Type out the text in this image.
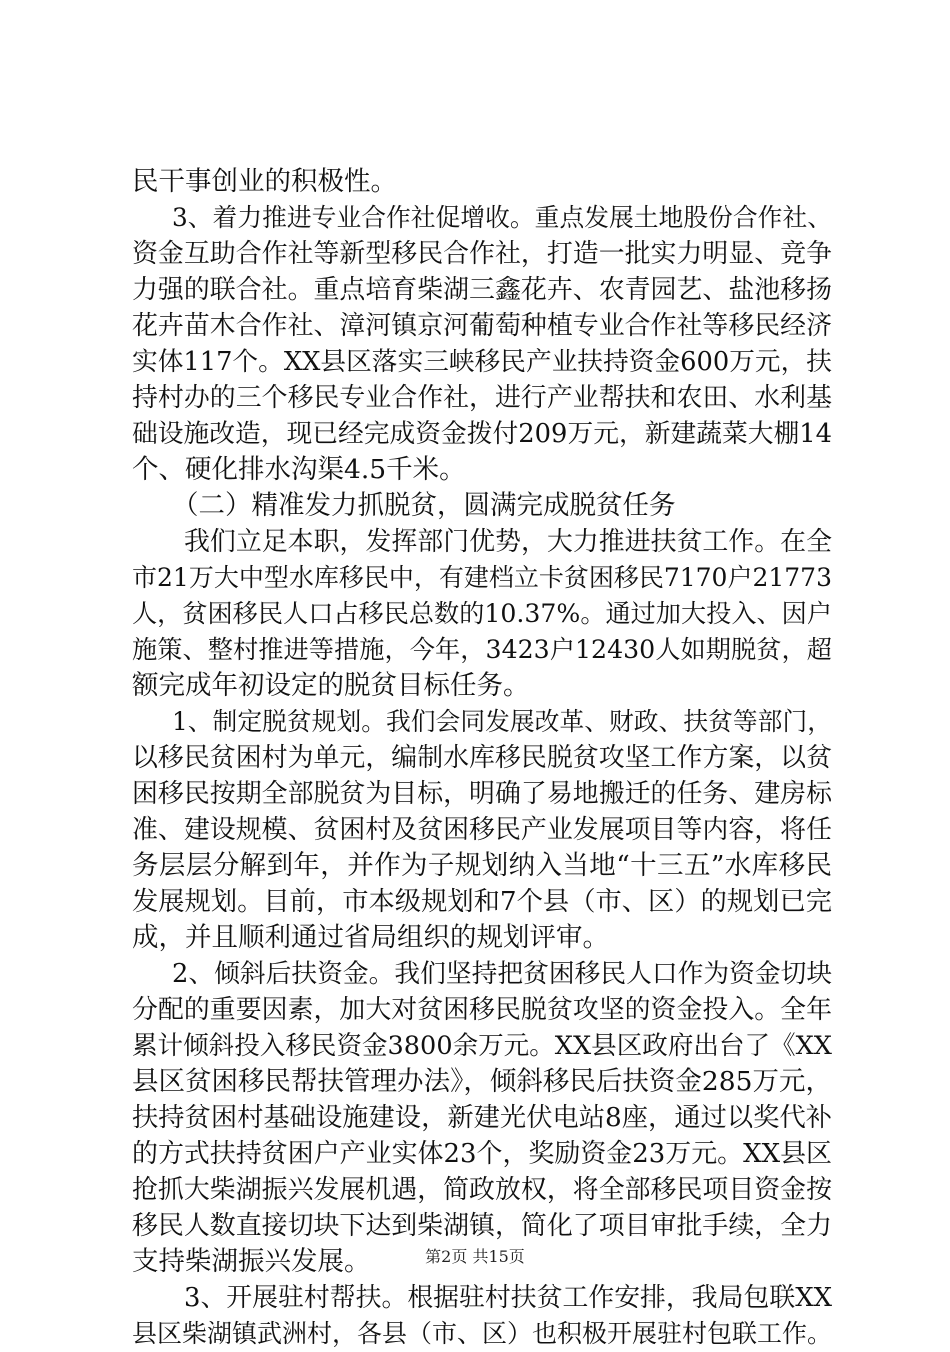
民干事创业的积极性。
3、着力推进专业合作社促增收。重点发展土地股份合作社、
资金互助合作社等新型移民合作社，打造一批实力明显、竞争
力强的联合社。重点培育柴湖三鑫花卉、农青园艺、盐池移扬
花卉苗木合作社、漳河镇京河葡萄种植专业合作社等移民经济
实体117个。XX县区落实三峡移民产业扶持资金600万元，扶
持村办的三个移民专业合作社，进行产业帮扶和农田、水利基
础设施改造，现已经完成资金拨付209万元，新建蔬菜大棚14
个、硬化排水沟渠4.5千米。
（二）精准发力抓脱贫，圆满完成脱贫任务
我们立足本职，发挥部门优势，大力推进扶贫工作。在全
市21万大中型水库移民中，有建档立卡贫困移民7170户21773
人，贫困移民人口占移民总数的10.37%。通过加大投入、因户
施策、整村推进等措施，今年，3423户12430人如期脱贫，超
额完成年初设定的脱贫目标任务。
1、制定脱贫规划。我们会同发展改革、财政、扶贫等部门，
以移民贫困村为单元，编制水库移民脱贫攻坚工作方案，以贫
困移民按期全部脱贫为目标，明确了易地搬迁的任务、建房标
准、建设规模、贫困村及贫困移民产业发展项目等内容，将任
务层层分解到年，并作为子规划纳入当地“十三五”水库移民
发展规划。目前，市本级规划和7个县（市、区）的规划已完
成，并且顺利通过省局组织的规划评审。
2、倾斜后扶资金。我们坚持把贫困移民人口作为资金切块
分配的重要因素，加大对贫困移民脱贫攻坚的资金投入。全年
累计倾斜投入移民资金3800余万元。XX县区政府出台了《XX
县区贫困移民帮扶管理办法》，倾斜移民后扶资金285万元，
扶持贫困村基础设施建设，新建光伏电站8座，通过以奖代补
的方式扶持贫困户产业实体23个，奖励资金23万元。XX县区
抢抓大柴湖振兴发展机遇，简政放权，将全部移民项目资金按
移民人数直接切块下达到柴湖镇，简化了项目审批手续，全力
支持柴湖振兴发展。
3、开展驻村帮扶。根据驻村扶贫工作安排，我局包联XX
县区柴湖镇武洲村，各县（市、区）也积极开展驻村包联工作。
第2页 共15页
